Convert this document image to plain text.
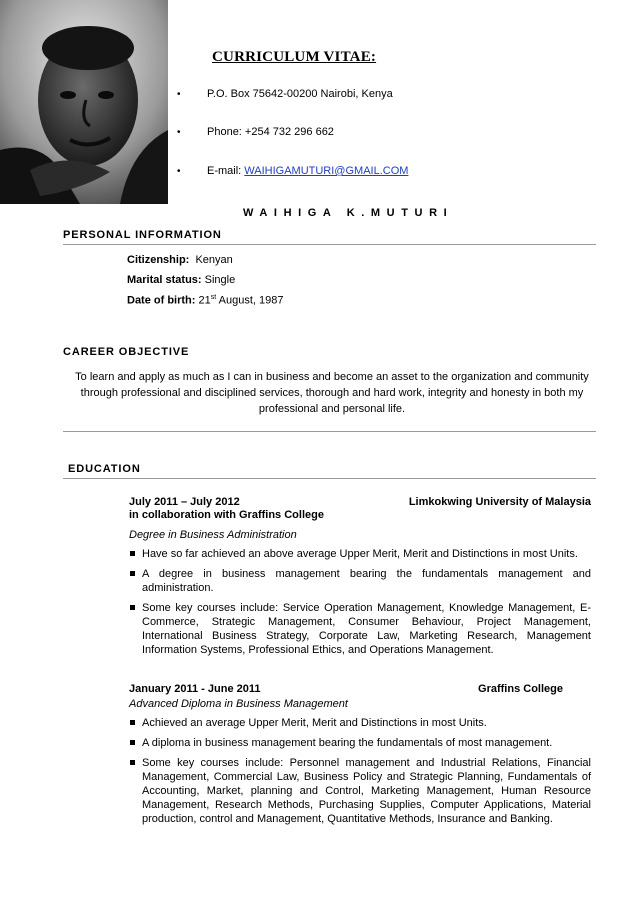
CURRICULUM VITAE:
• P.O. Box 75642-00200 Nairobi, Kenya
• Phone: +254 732 296 662
• E-mail: WAIHIGAMUTURI@GMAIL.COM
WAIHIGA K.MUTURI
PERSONAL INFORMATION
Citizenship: Kenyan
Marital status: Single
Date of birth: 21st August, 1987
CAREER OBJECTIVE
To learn and apply as much as I can in business and become an asset to the organization and community through professional and disciplined services, thorough and hard work, integrity and honesty in both my professional and personal life.
EDUCATION
July 2011 – July 2012	Limkokwing University of Malaysia
in collaboration with Graffins College
Degree in Business Administration
Have so far achieved an above average Upper Merit, Merit and Distinctions in most Units.
A degree in business management bearing the fundamentals management and administration.
Some key courses include: Service Operation Management, Knowledge Management, E-Commerce, Strategic Management, Consumer Behaviour, Project Management, International Business Strategy, Corporate Law, Marketing Research, Management Information Systems, Professional Ethics, and Operations Management.
January 2011 - June 2011	Graffins College
Advanced Diploma in Business Management
Achieved an average Upper Merit, Merit and Distinctions in most Units.
A diploma in business management bearing the fundamentals of most management.
Some key courses include: Personnel management and Industrial Relations, Financial Management, Commercial Law, Business Policy and Strategic Planning, Fundamentals of Accounting, Market, planning and Control, Marketing Management, Human Resource Management, Research Methods, Purchasing Supplies, Computer Applications, Material production, control and Management, Quantitative Methods, Insurance and Banking.
